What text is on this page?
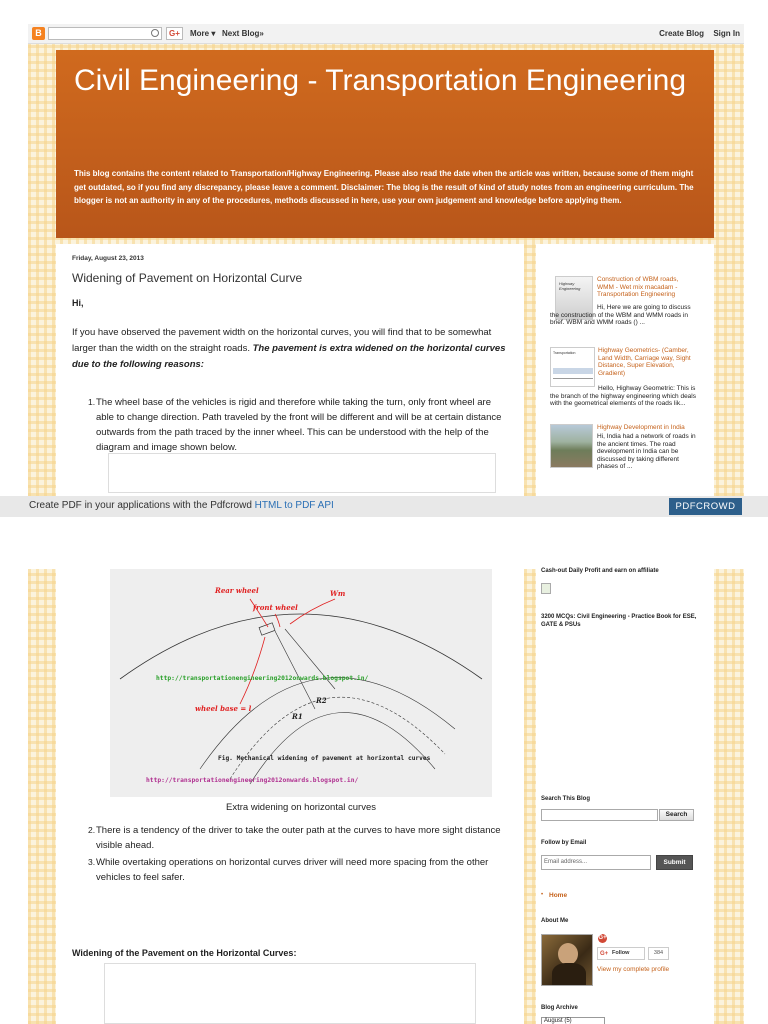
B	G+	More ▾ Next Blog»	Create Blog Sign In
Civil Engineering - Transportation Engineering
This blog contains the content related to Transportation/Highway Engineering. Please also read the date when the article was written, because some of them might get outdated, so if you find any discrepancy, please leave a comment. Disclaimer: The blog is the result of kind of study notes from an engineering curriculum. The blogger is not an authority in any of the procedures, methods discussed in here, use your own judgement and knowledge before applying them.
Friday, August 23, 2013
Widening of Pavement on Horizontal Curve
Hi,
If you have observed the pavement width on the horizontal curves, you will find that to be somewhat larger than the width on the straight roads. The pavement is extra widened on the horizontal curves due to the following reasons:
1. The wheel base of the vehicles is rigid and therefore while taking the turn, only front wheel are able to change direction. Path traveled by the front will be different and will be at certain distance outwards from the path traced by the inner wheel. This can be understood with the help of the diagram and image shown below.
Highway Engineering
Construction of WBM roads, WMM - Wet mix macadam - Transportation Engineering
Hi, Here we are going to discuss the construction of the WBM and WMM roads in brief. WBM and WMM roads () ...
Transportation	Highway Geometrics- (Camber, Land Width, Carriage way, Sight Distance, Super Elevation, Gradient)
Hello, Highway Geometric: This is the branch of the highway engineering which deals with the geometrical elements of the roads lik...
Highway Development in India
Hi, India had a network of roads in the ancient times. The road development in India can be discussed by taking different phases of ...
Create PDF in your applications with the Pdfcrowd HTML to PDF API	PDFCROWD
Rear wheel
front wheel
Wm
http://transportationengineering2012onwards.blogspot.in/
R2
R1
wheel base = l
Fig. Mechanical widening of pavement at horizontal curves
http://transportationengineering2012onwards.blogspot.in/
Extra widening on horizontal curves
2. There is a tendency of the driver to take the outer path at the curves to have more sight distance visible ahead.
3. While overtaking operations on horizontal curves driver will need more spacing from the other vehicles to feel safer.
Widening of the Pavement on the Horizontal Curves:
Cash-out Daily Profit and earn on affiliate
3200 MCQs: Civil Engineering - Practice Book for ESE, GATE & PSUs
Search This Blog
Search
Follow by Email
Email address...	Submit
• Home
About Me
G+
G+ Follow	384
View my complete profile
Blog Archive
August (5)
